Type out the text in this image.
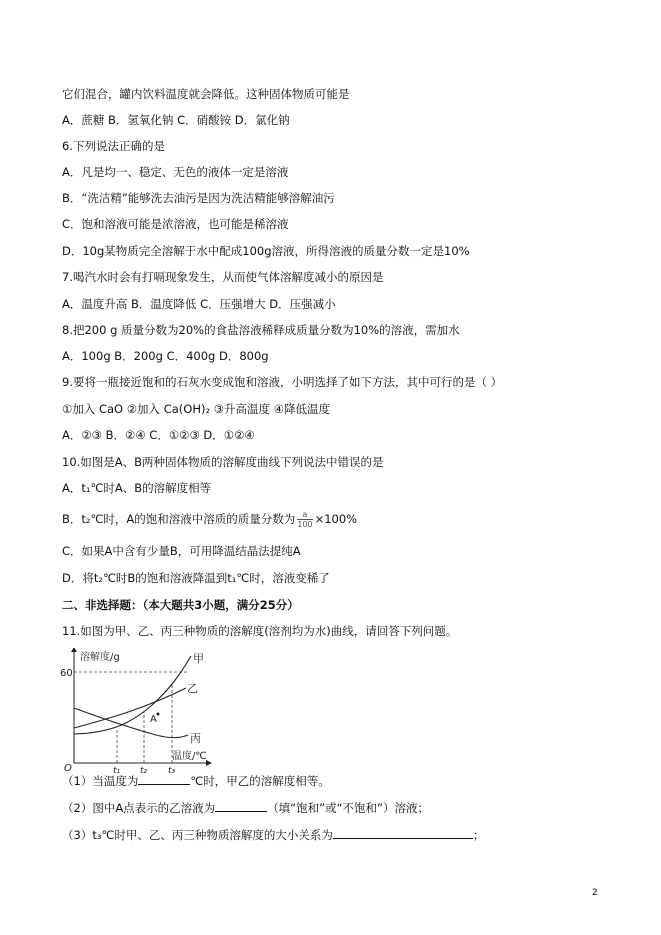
它们混合，罐内饮料温度就会降低。这种固体物质可能是
A．蔗糖 B．氢氧化钠 C．硝酸铵 D．氯化钠
6.下列说法正确的是
A．凡是均一、稳定、无色的液体一定是溶液
B．“洗洁精”能够洗去油污是因为洗洁精能够溶解油污
C．饱和溶液可能是浓溶液，也可能是稀溶液
D．10g某物质完全溶解于水中配成100g溶液，所得溶液的质量分数一定是10%
7.喝汽水时会有打嗝现象发生，从而使气体溶解度减小的原因是
A．温度升高 B．温度降低 C．压强增大 D．压强减小
8.把200 g 质量分数为20%的食盐溶液稀释成质量分数为10%的溶液，需加水
A．100g B．200g C．400g D．800g
9.要将一瓶接近饱和的石灰水变成饱和溶液，小明选择了如下方法，其中可行的是（ ）
①加入 CaO ②加入 Ca(OH)₂ ③升高温度 ④降低温度
A．②③ B．②④ C．①②③ D．①②④
10.如图是A、B两种固体物质的溶解度曲线下列说法中错误的是
A．t₁℃时A、B的溶解度相等
B．t₂℃时，A的饱和溶液中溶质的质量分数为 $\frac{a}{100} \times 100\%$
C．如果A中含有少量B，可用降温结晶法提纯A
D．将t₂℃时B的饱和溶液降温到t₁℃时，溶液变稀了
二、非选择题：（本大题共3小题，满分25分）
11.如图为甲、乙、丙三种物质的溶解度(溶剂均为水)曲线，请回答下列问题。
溶解度/g
60
O	t₁ t₂ t₃
温度/℃
甲
乙
丙
A
（1）当温度为	℃时，甲乙的溶解度相等。
（2）图中A点表示的乙溶液为	（填“饱和”或“不饱和”）溶液；
（3）t₃℃时甲、乙、丙三种物质溶解度的大小关系为	；
2
